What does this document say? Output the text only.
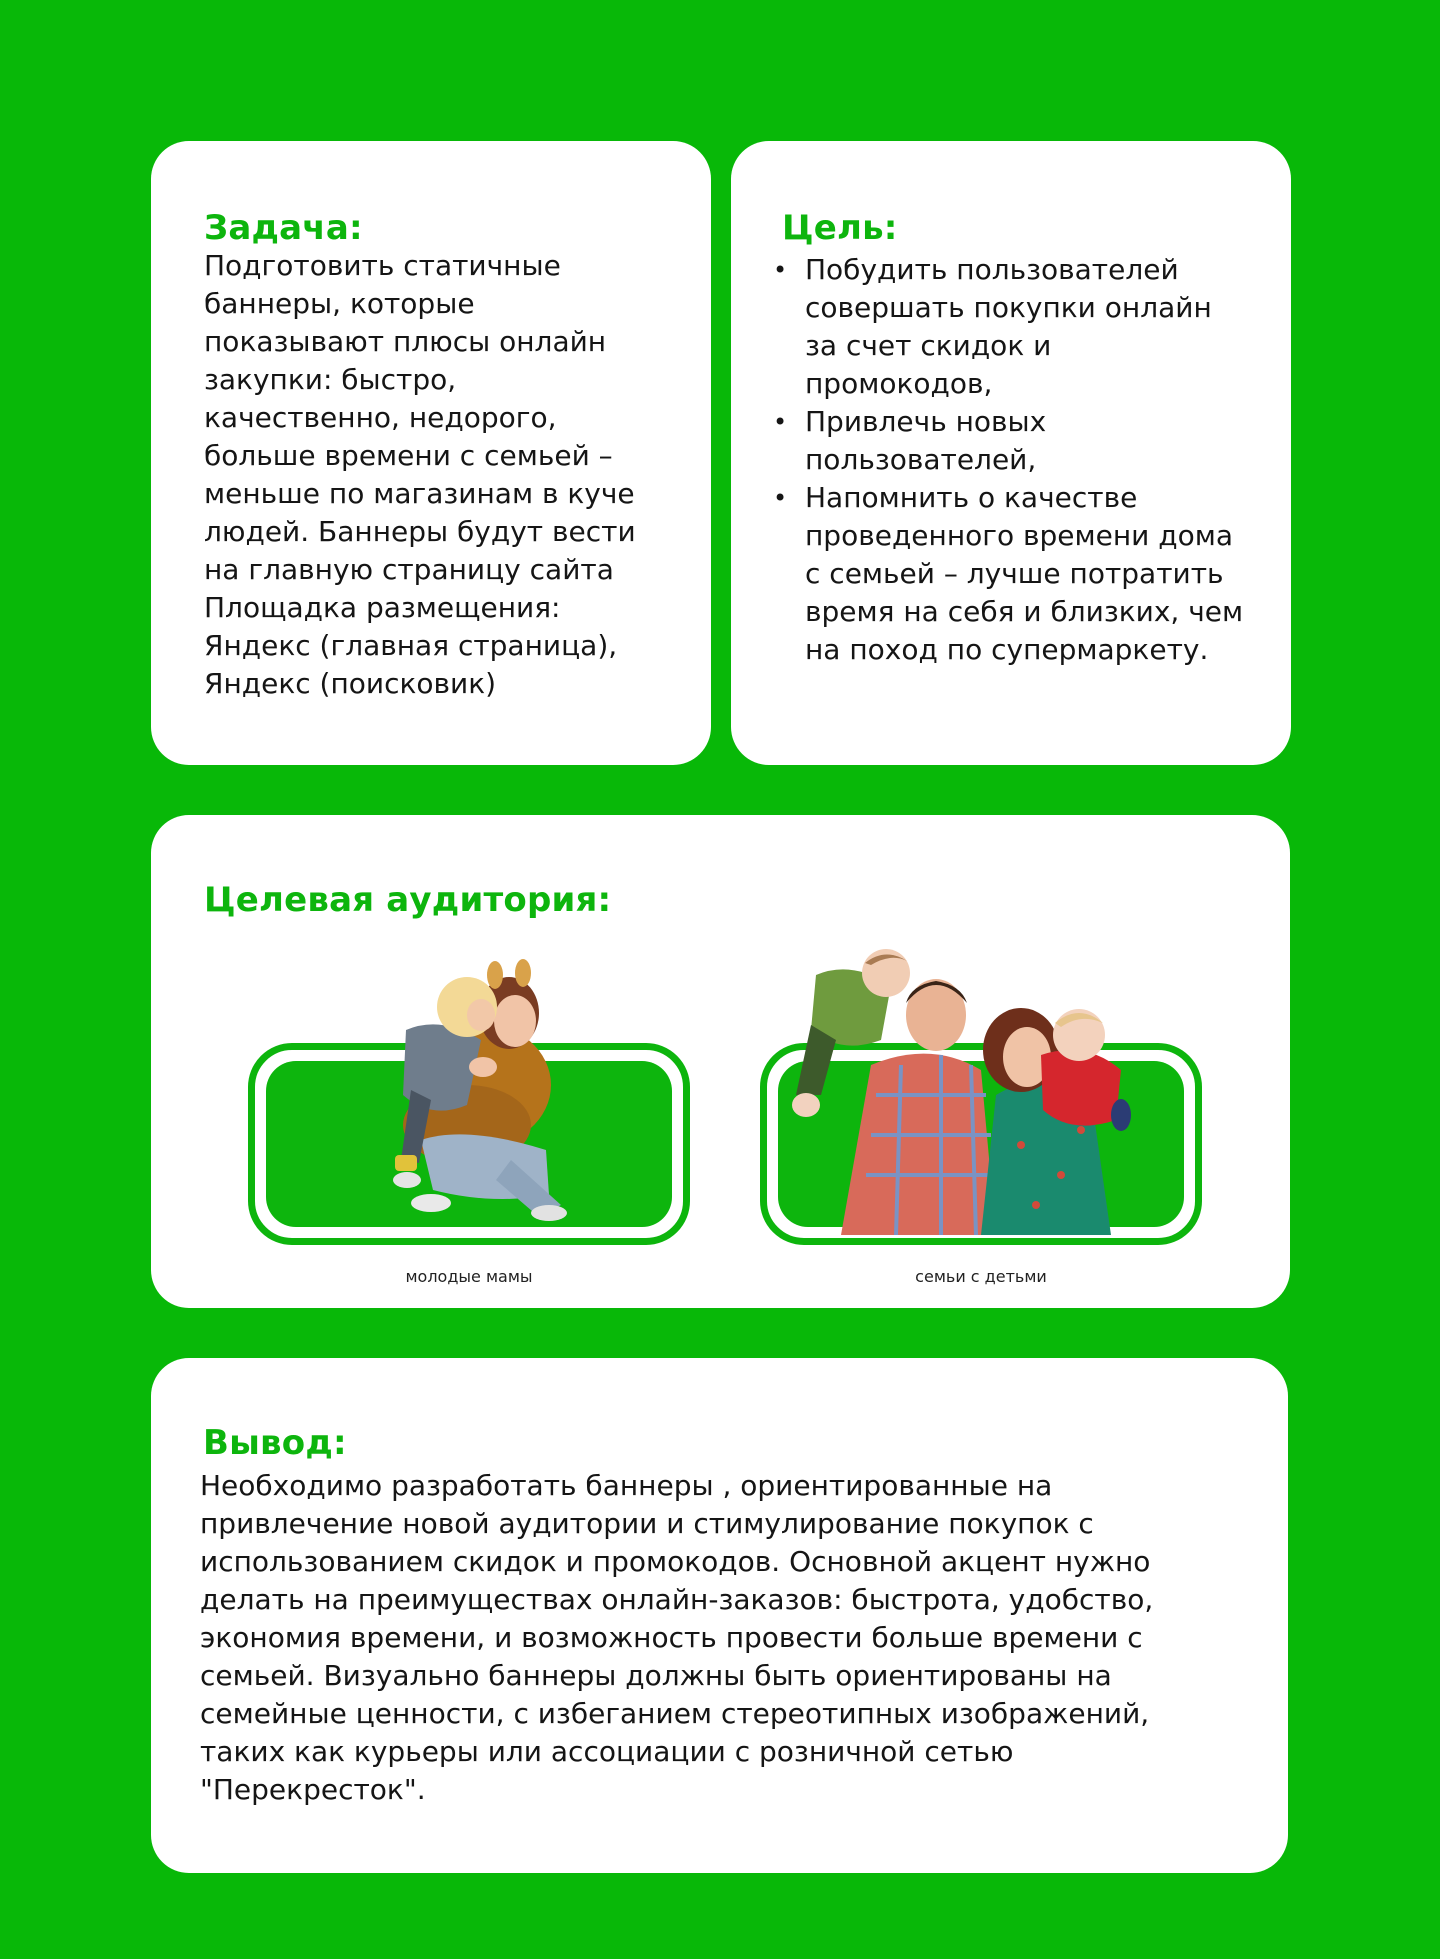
Задача:
Подготовить статичные
баннеры, которые
показывают плюсы онлайн
закупки: быстро,
качественно, недорого,
больше времени с семьей –
меньше по магазинам в куче
людей. Баннеры будут вести
на главную страницу сайта
Площадка размещения:
Яндекс (главная страница),
Яндекс (поисковик)
Цель:
• Побудить пользователей
совершать покупки онлайн
за счет скидок и
промокодов,
• Привлечь новых
пользователей,
• Напомнить о качестве
проведенного времени дома
с семьей – лучше потратить
время на себя и близких, чем
на поход по супермаркету.
Целевая аудитория:
молодые мамы	семьи с детьми
Вывод:
Необходимо разработать баннеры , ориентированные на
привлечение новой аудитории и стимулирование покупок с
использованием скидок и промокодов. Основной акцент нужно
делать на преимуществах онлайн-заказов: быстрота, удобство,
экономия времени, и возможность провести больше времени с
семьей. Визуально баннеры должны быть ориентированы на
семейные ценности, с избеганием стереотипных изображений,
таких как курьеры или ассоциации с розничной сетью
"Перекресток".
